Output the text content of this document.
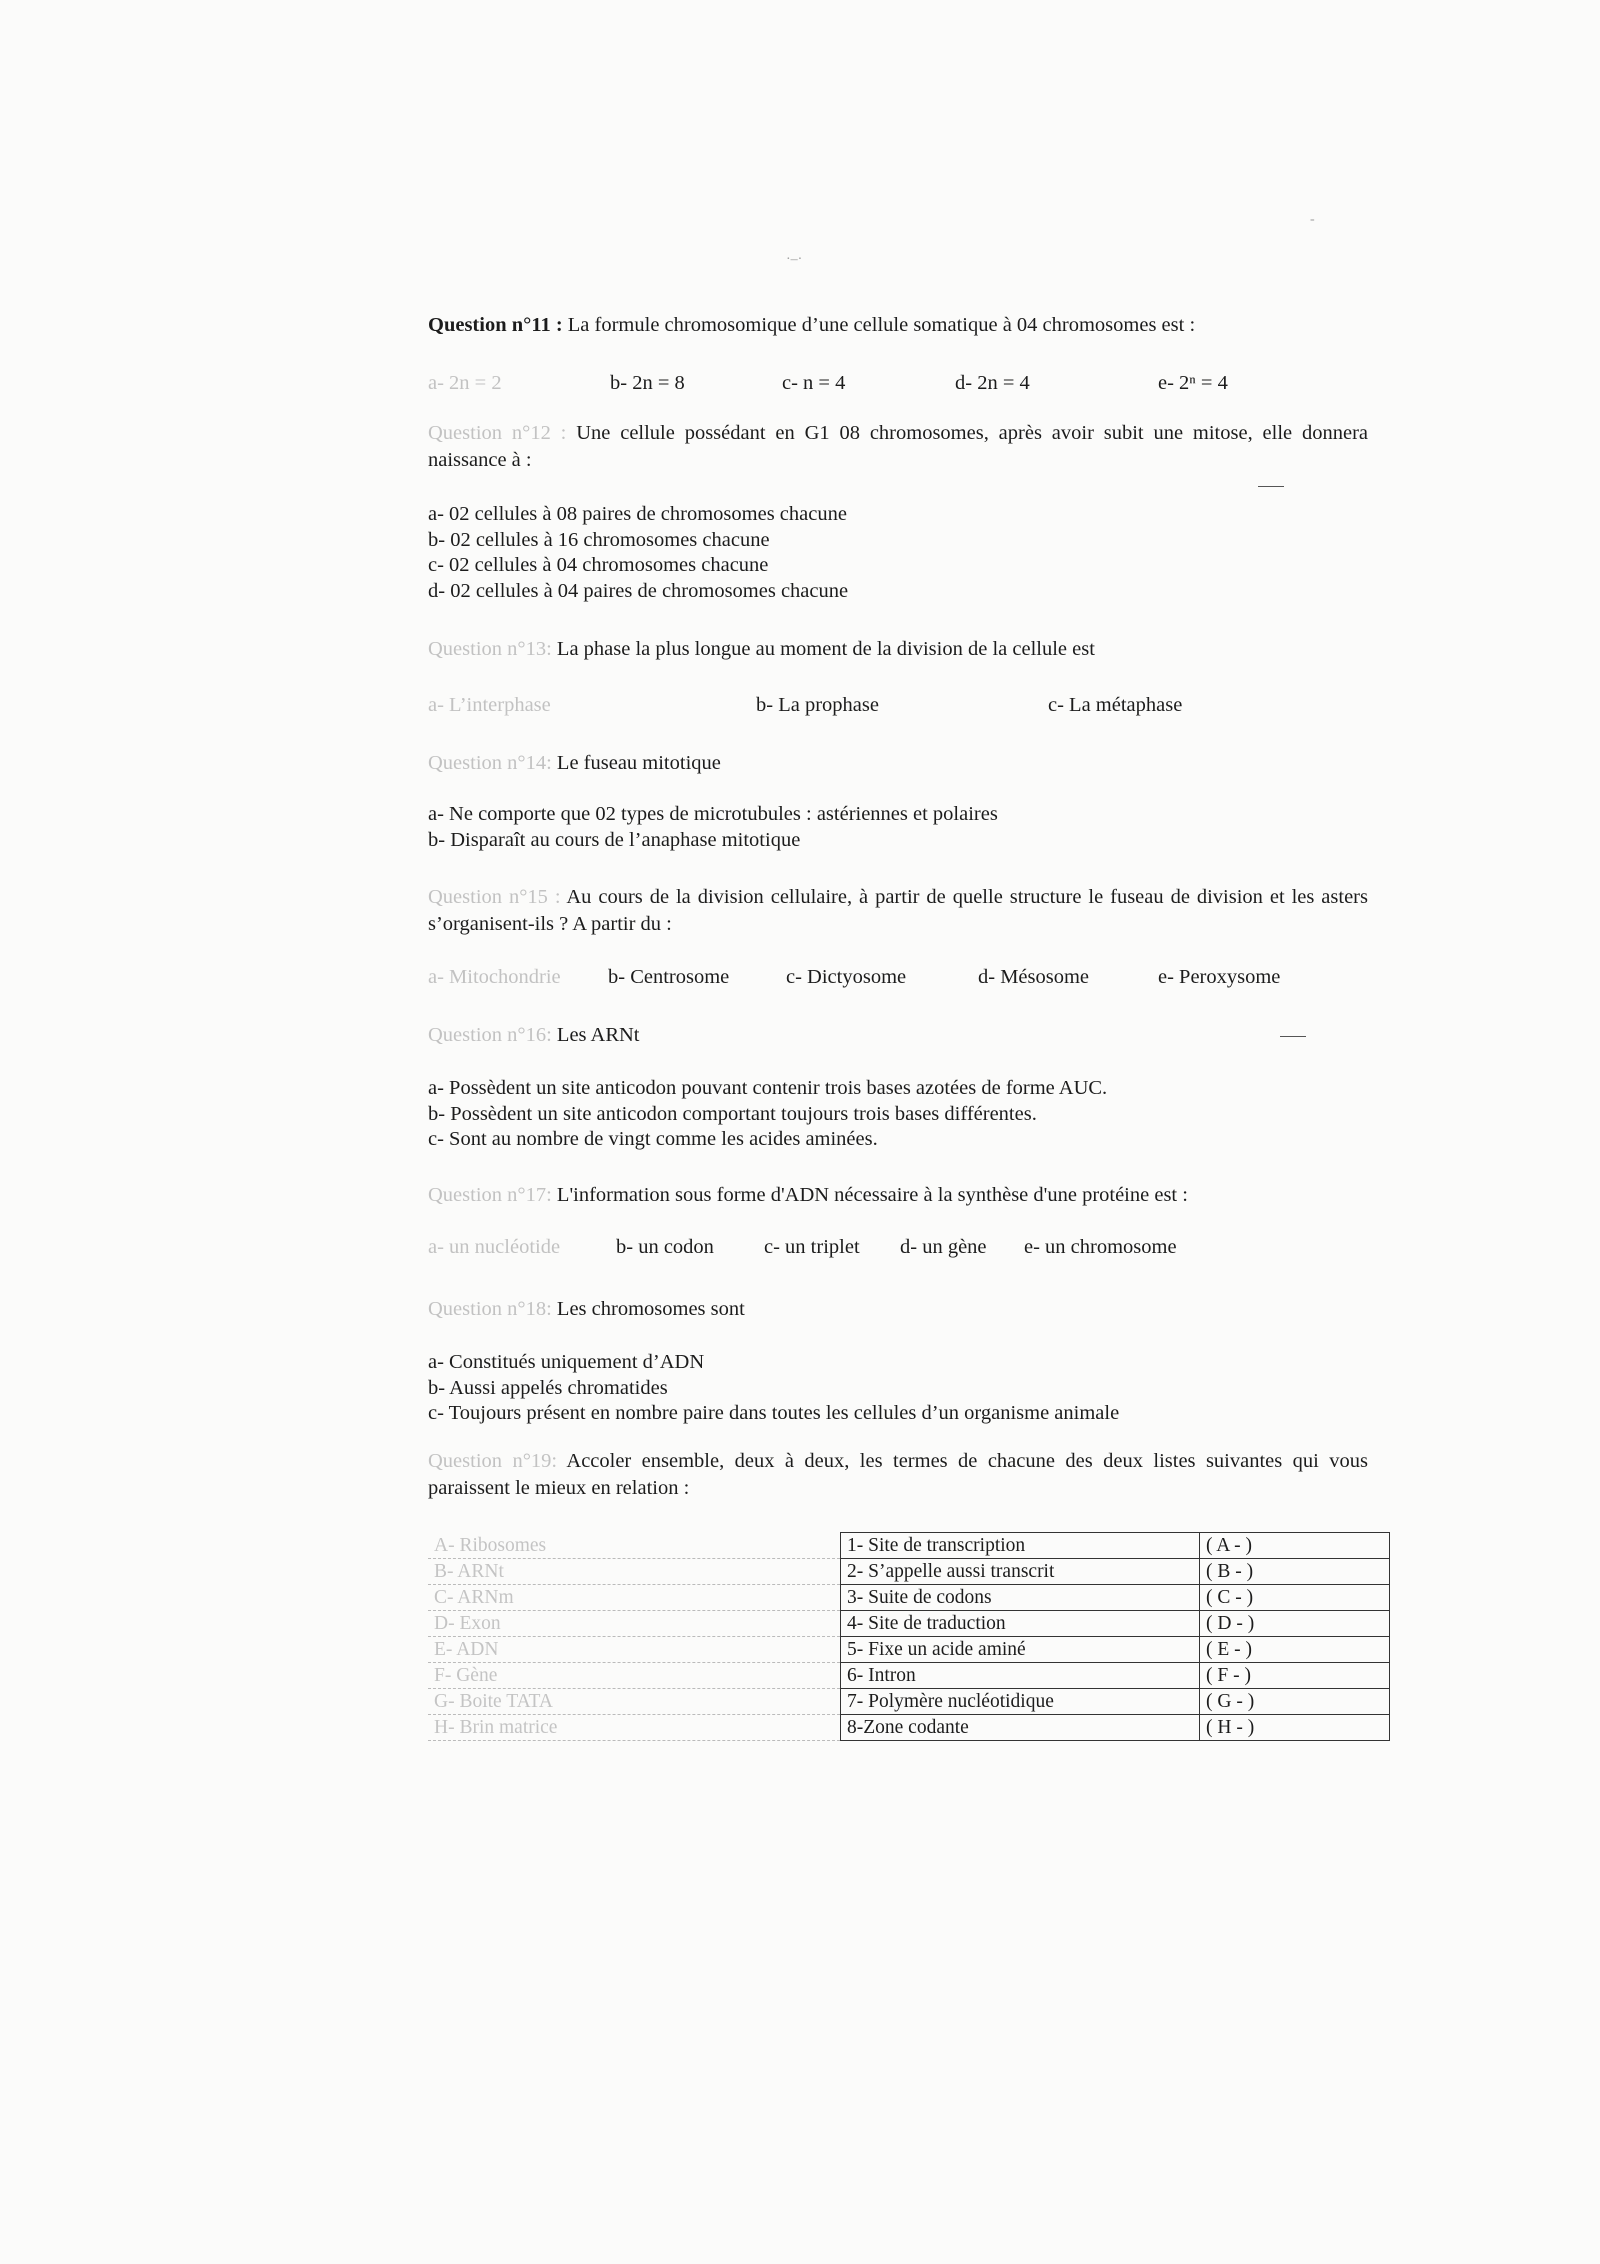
-
·–·
Question n°11 : La formule chromosomique d’une cellule somatique à 04 chromosomes est :
a- 2n = 2	b- 2n = 8	c- n = 4	d- 2n = 4	e- 2ⁿ = 4
Question n°12 : Une cellule possédant en G1 08 chromosomes, après avoir subit une mitose, elle donnera naissance à :
a- 02 cellules à 08 paires de chromosomes chacune
b- 02 cellules à 16 chromosomes chacune
c- 02 cellules à 04 chromosomes chacune
d- 02 cellules à 04 paires de chromosomes chacune
Question n°13: La phase la plus longue au moment de la division de la cellule est
a- L’interphase	b- La prophase	c- La métaphase
Question n°14: Le fuseau mitotique
a- Ne comporte que 02 types de microtubules : astériennes et polaires
b- Disparaît au cours de l’anaphase mitotique
Question n°15 : Au cours de la division cellulaire, à partir de quelle structure le fuseau de division et les asters s’organisent-ils ? A partir du :
a- Mitochondrie b- Centrosome	c- Dictyosome	d- Mésosome	e- Peroxysome
Question n°16: Les ARNt
a- Possèdent un site anticodon pouvant contenir trois bases azotées de forme AUC.
b- Possèdent un site anticodon comportant toujours trois bases différentes.
c- Sont au nombre de vingt comme les acides aminées.
Question n°17: L'information sous forme d'ADN nécessaire à la synthèse d'une protéine est :
a- un nucléotide	b- un codon c- un triplet d- un gène e- un chromosome
Question n°18: Les chromosomes sont
a- Constitués uniquement d’ADN
b- Aussi appelés chromatides
c- Toujours présent en nombre paire dans toutes les cellules d’un organisme animale
Question n°19: Accoler ensemble, deux à deux, les termes de chacune des deux listes suivantes qui vous paraissent le mieux en relation :
A- Ribosomes	1- Site de transcription	( A - )
B- ARNt	2- S’appelle aussi transcrit	( B - )
C- ARNm	3- Suite de codons	( C - )
D- Exon	4- Site de traduction	( D - )
E- ADN	5- Fixe un acide aminé	( E - )
F- Gène	6- Intron	( F - )
G- Boite TATA	7- Polymère nucléotidique	( G - )
H- Brin matrice	8-Zone codante	( H - )
